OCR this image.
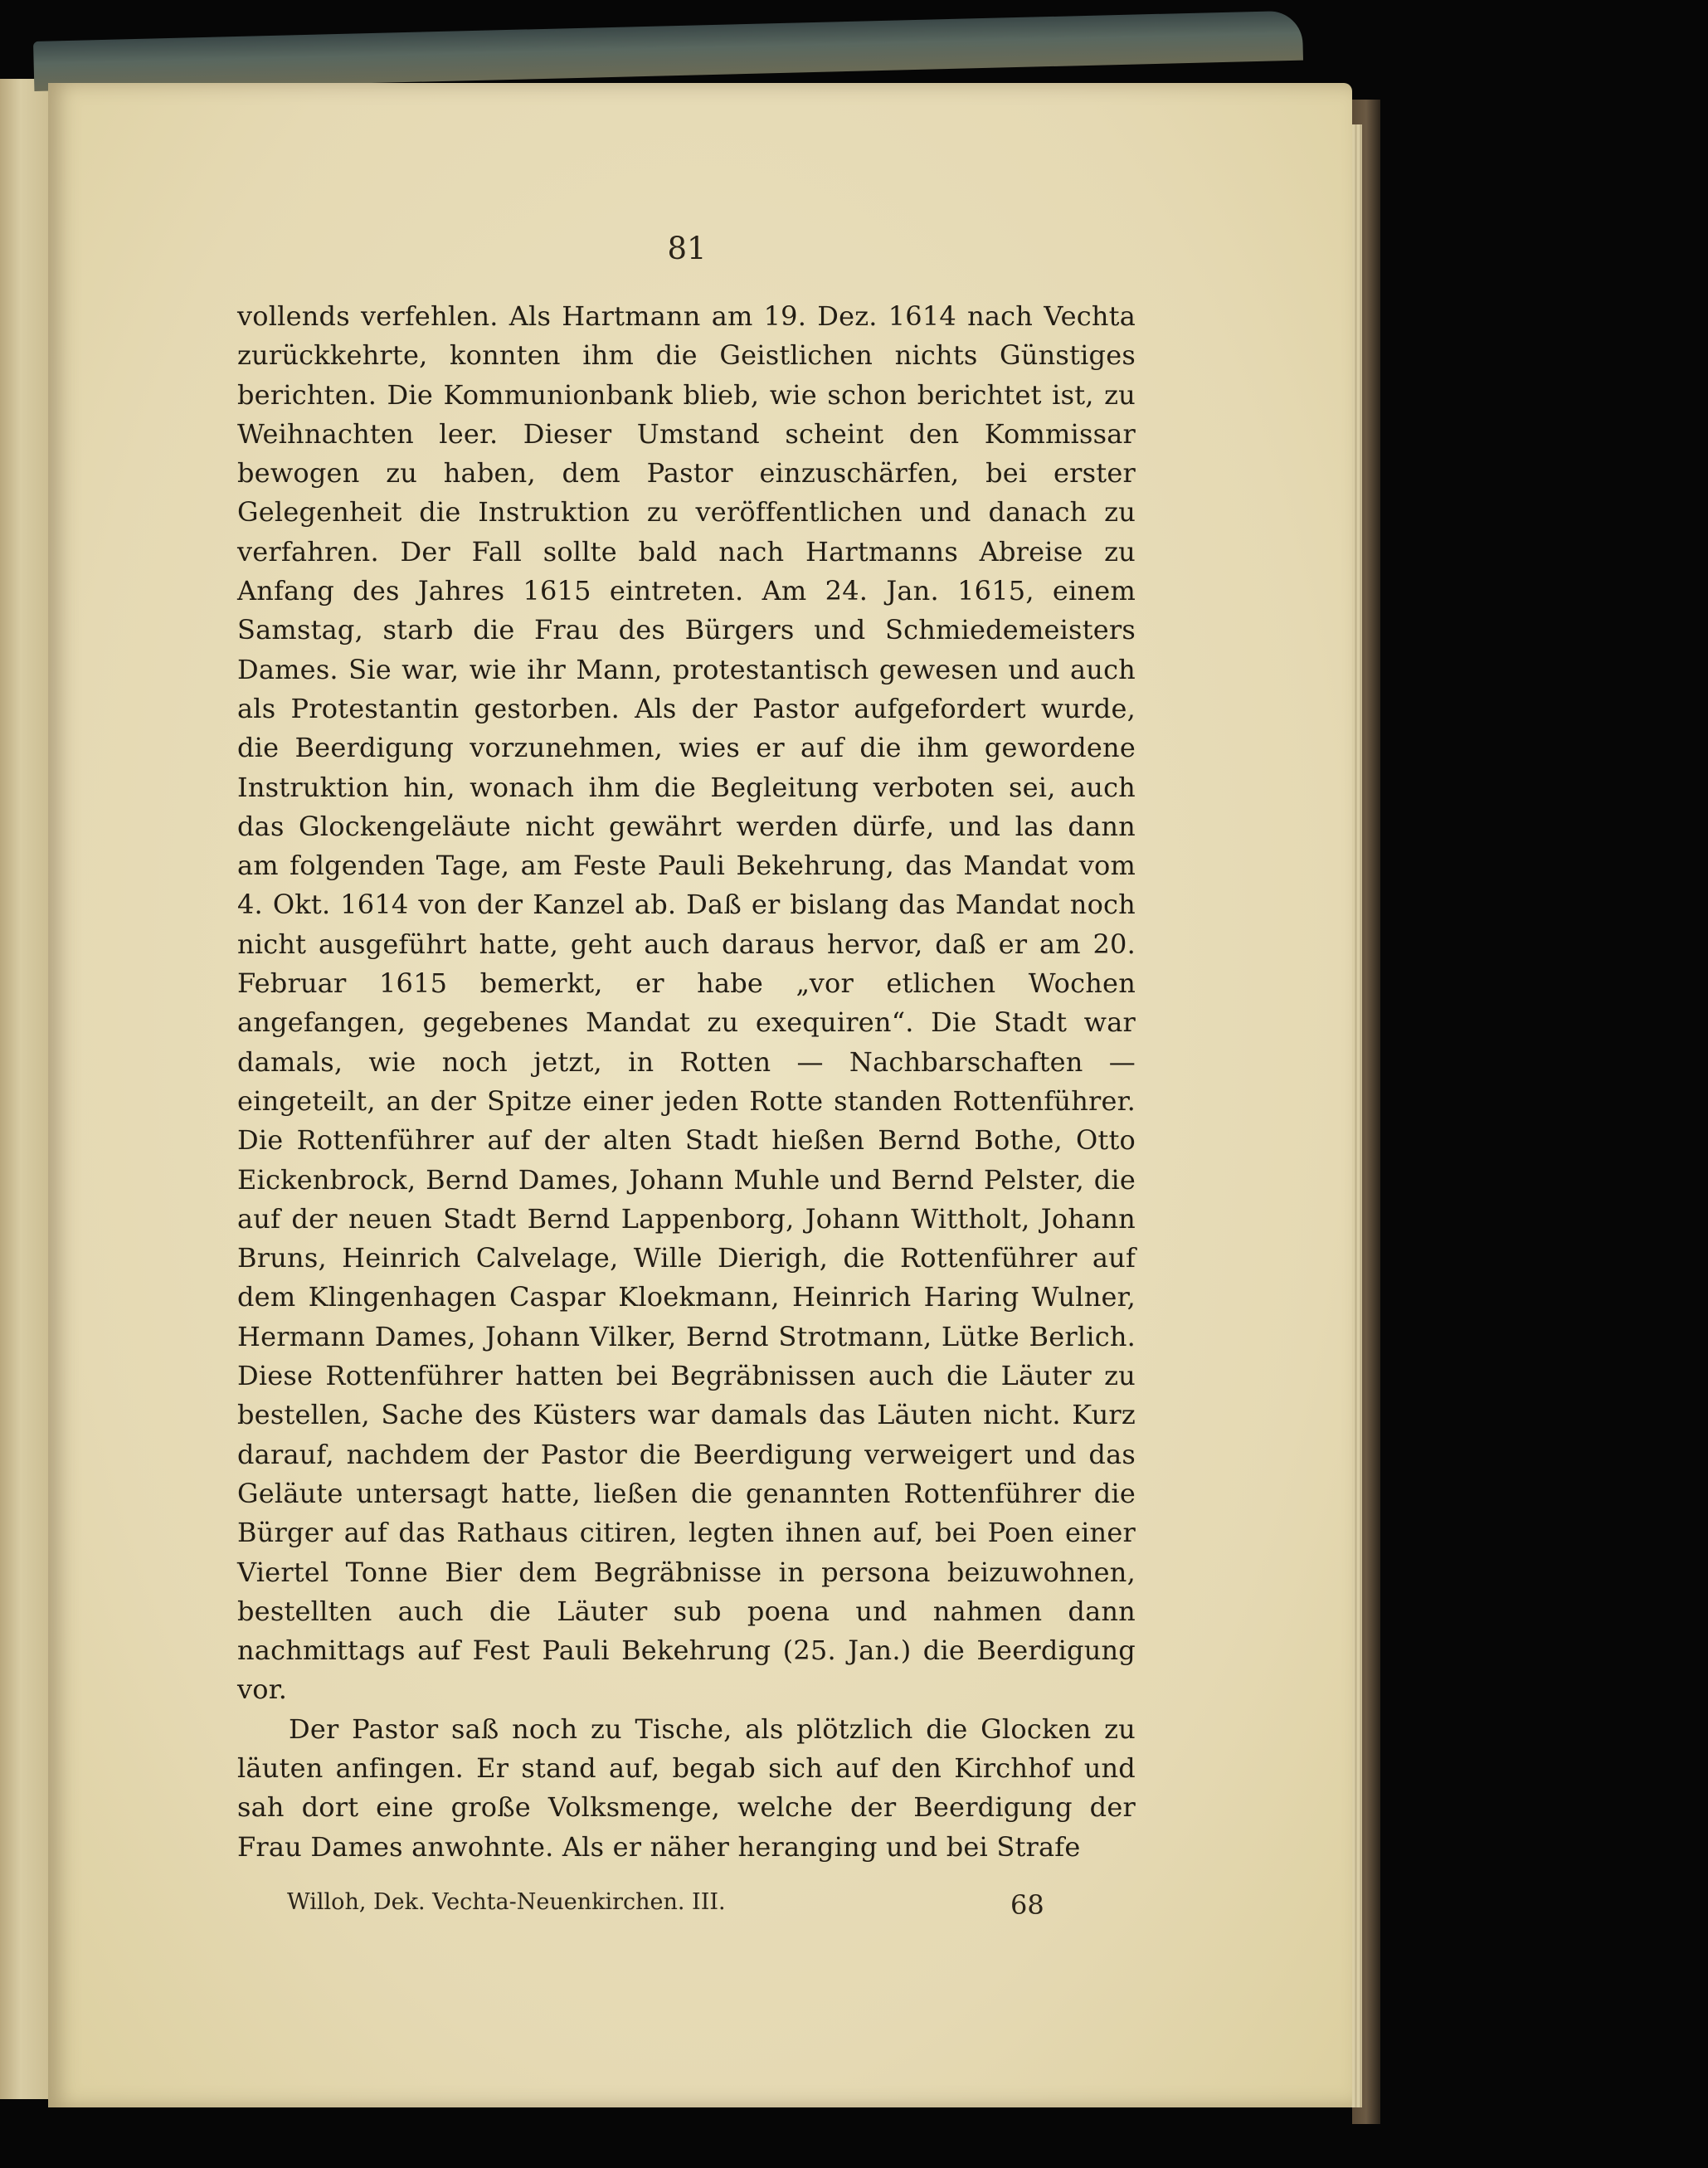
81

vollends verfehlen. Als Hartmann am 19. Dez. 1614 nach Vechta zurückkehrte, konnten ihm die Geistlichen nichts Günstiges berichten. Die Kommunionbank blieb, wie schon berichtet ist, zu Weihnachten leer. Dieser Umstand scheint den Kommissar bewogen zu haben, dem Pastor einzuschärfen, bei erster Gelegenheit die Instruktion zu veröffentlichen und danach zu verfahren. Der Fall sollte bald nach Hartmanns Abreise zu Anfang des Jahres 1615 eintreten. Am 24. Jan. 1615, einem Samstag, starb die Frau des Bürgers und Schmiedemeisters Dames. Sie war, wie ihr Mann, protestantisch gewesen und auch als Protestantin gestorben. Als der Pastor aufgefordert wurde, die Beerdigung vorzunehmen, wies er auf die ihm gewordene Instruktion hin, wonach ihm die Begleitung verboten sei, auch das Glockengeläute nicht gewährt werden dürfe, und las dann am folgenden Tage, am Feste Pauli Bekehrung, das Mandat vom 4. Okt. 1614 von der Kanzel ab. Daß er bislang das Mandat noch nicht ausgeführt hatte, geht auch daraus hervor, daß er am 20. Februar 1615 bemerkt, er habe „vor etlichen Wochen angefangen, gegebenes Mandat zu exequiren“. Die Stadt war damals, wie noch jetzt, in Rotten — Nachbarschaften — eingeteilt, an der Spitze einer jeden Rotte standen Rottenführer. Die Rottenführer auf der alten Stadt hießen Bernd Bothe, Otto Eickenbrock, Bernd Dames, Johann Muhle und Bernd Pelster, die auf der neuen Stadt Bernd Lappenborg, Johann Wittholt, Johann Bruns, Heinrich Calvelage, Wille Dierigh, die Rottenführer auf dem Klingenhagen Caspar Kloekmann, Heinrich Haring Wulner, Hermann Dames, Johann Vilker, Bernd Strotmann, Lütke Berlich. Diese Rottenführer hatten bei Begräbnissen auch die Läuter zu bestellen, Sache des Küsters war damals das Läuten nicht. Kurz darauf, nachdem der Pastor die Beerdigung verweigert und das Geläute untersagt hatte, ließen die genannten Rottenführer die Bürger auf das Rathaus citiren, legten ihnen auf, bei Poen einer Viertel Tonne Bier dem Begräbnisse in persona beizuwohnen, bestellten auch die Läuter sub poena und nahmen dann nachmittags auf Fest Pauli Bekehrung (25. Jan.) die Beerdigung vor.

Der Pastor saß noch zu Tische, als plötzlich die Glocken zu läuten anfingen. Er stand auf, begab sich auf den Kirchhof und sah dort eine große Volksmenge, welche der Beerdigung der Frau Dames anwohnte. Als er näher heranging und bei Strafe

Willoh, Dek. Vechta-Neuenkirchen. III.	68
